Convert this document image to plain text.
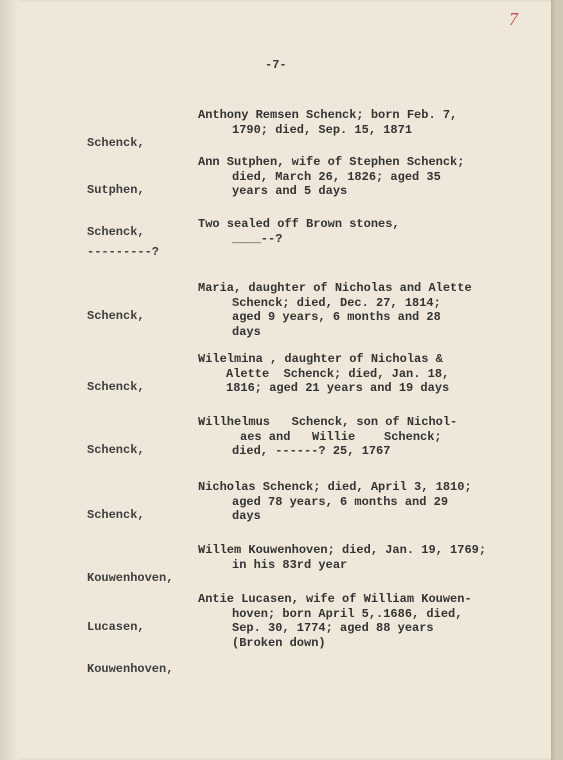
7
-7-

Schenck,

Anthony Remsen Schenck; born Feb. 7,
1790; died, Sep. 15, 1871

Sutphen,

Schenck,

Ann Sutphen, wife of Stephen Schenck;
died, March 26, 1826; aged 35
years and 5 days

---------?

Two sealed off Brown stones,
____--?

Schenck,

Maria, daughter of Nicholas and Alette
Schenck; died, Dec. 27, 1814;
aged 9 years, 6 months and 28
days

Schenck,

Wilelmina , daughter of Nicholas &
Alette  Schenck; died, Jan. 18,
1816; aged 21 years and 19 days

Schenck,

Willhelmus   Schenck, son of Nichol-
aes and   Willie    Schenck;
died, ------? 25, 1767

Schenck,

Nicholas Schenck; died, April 3, 1810;
aged 78 years, 6 months and 29
days

Kouwenhoven,

Willem Kouwenhoven; died, Jan. 19, 1769;
in his 83rd year

Lucasen,

Kouwenhoven,

Antie Lucasen, wife of William Kouwen-
hoven; born April 5,.1686, died,
Sep. 30, 1774; aged 88 years
(Broken down)
